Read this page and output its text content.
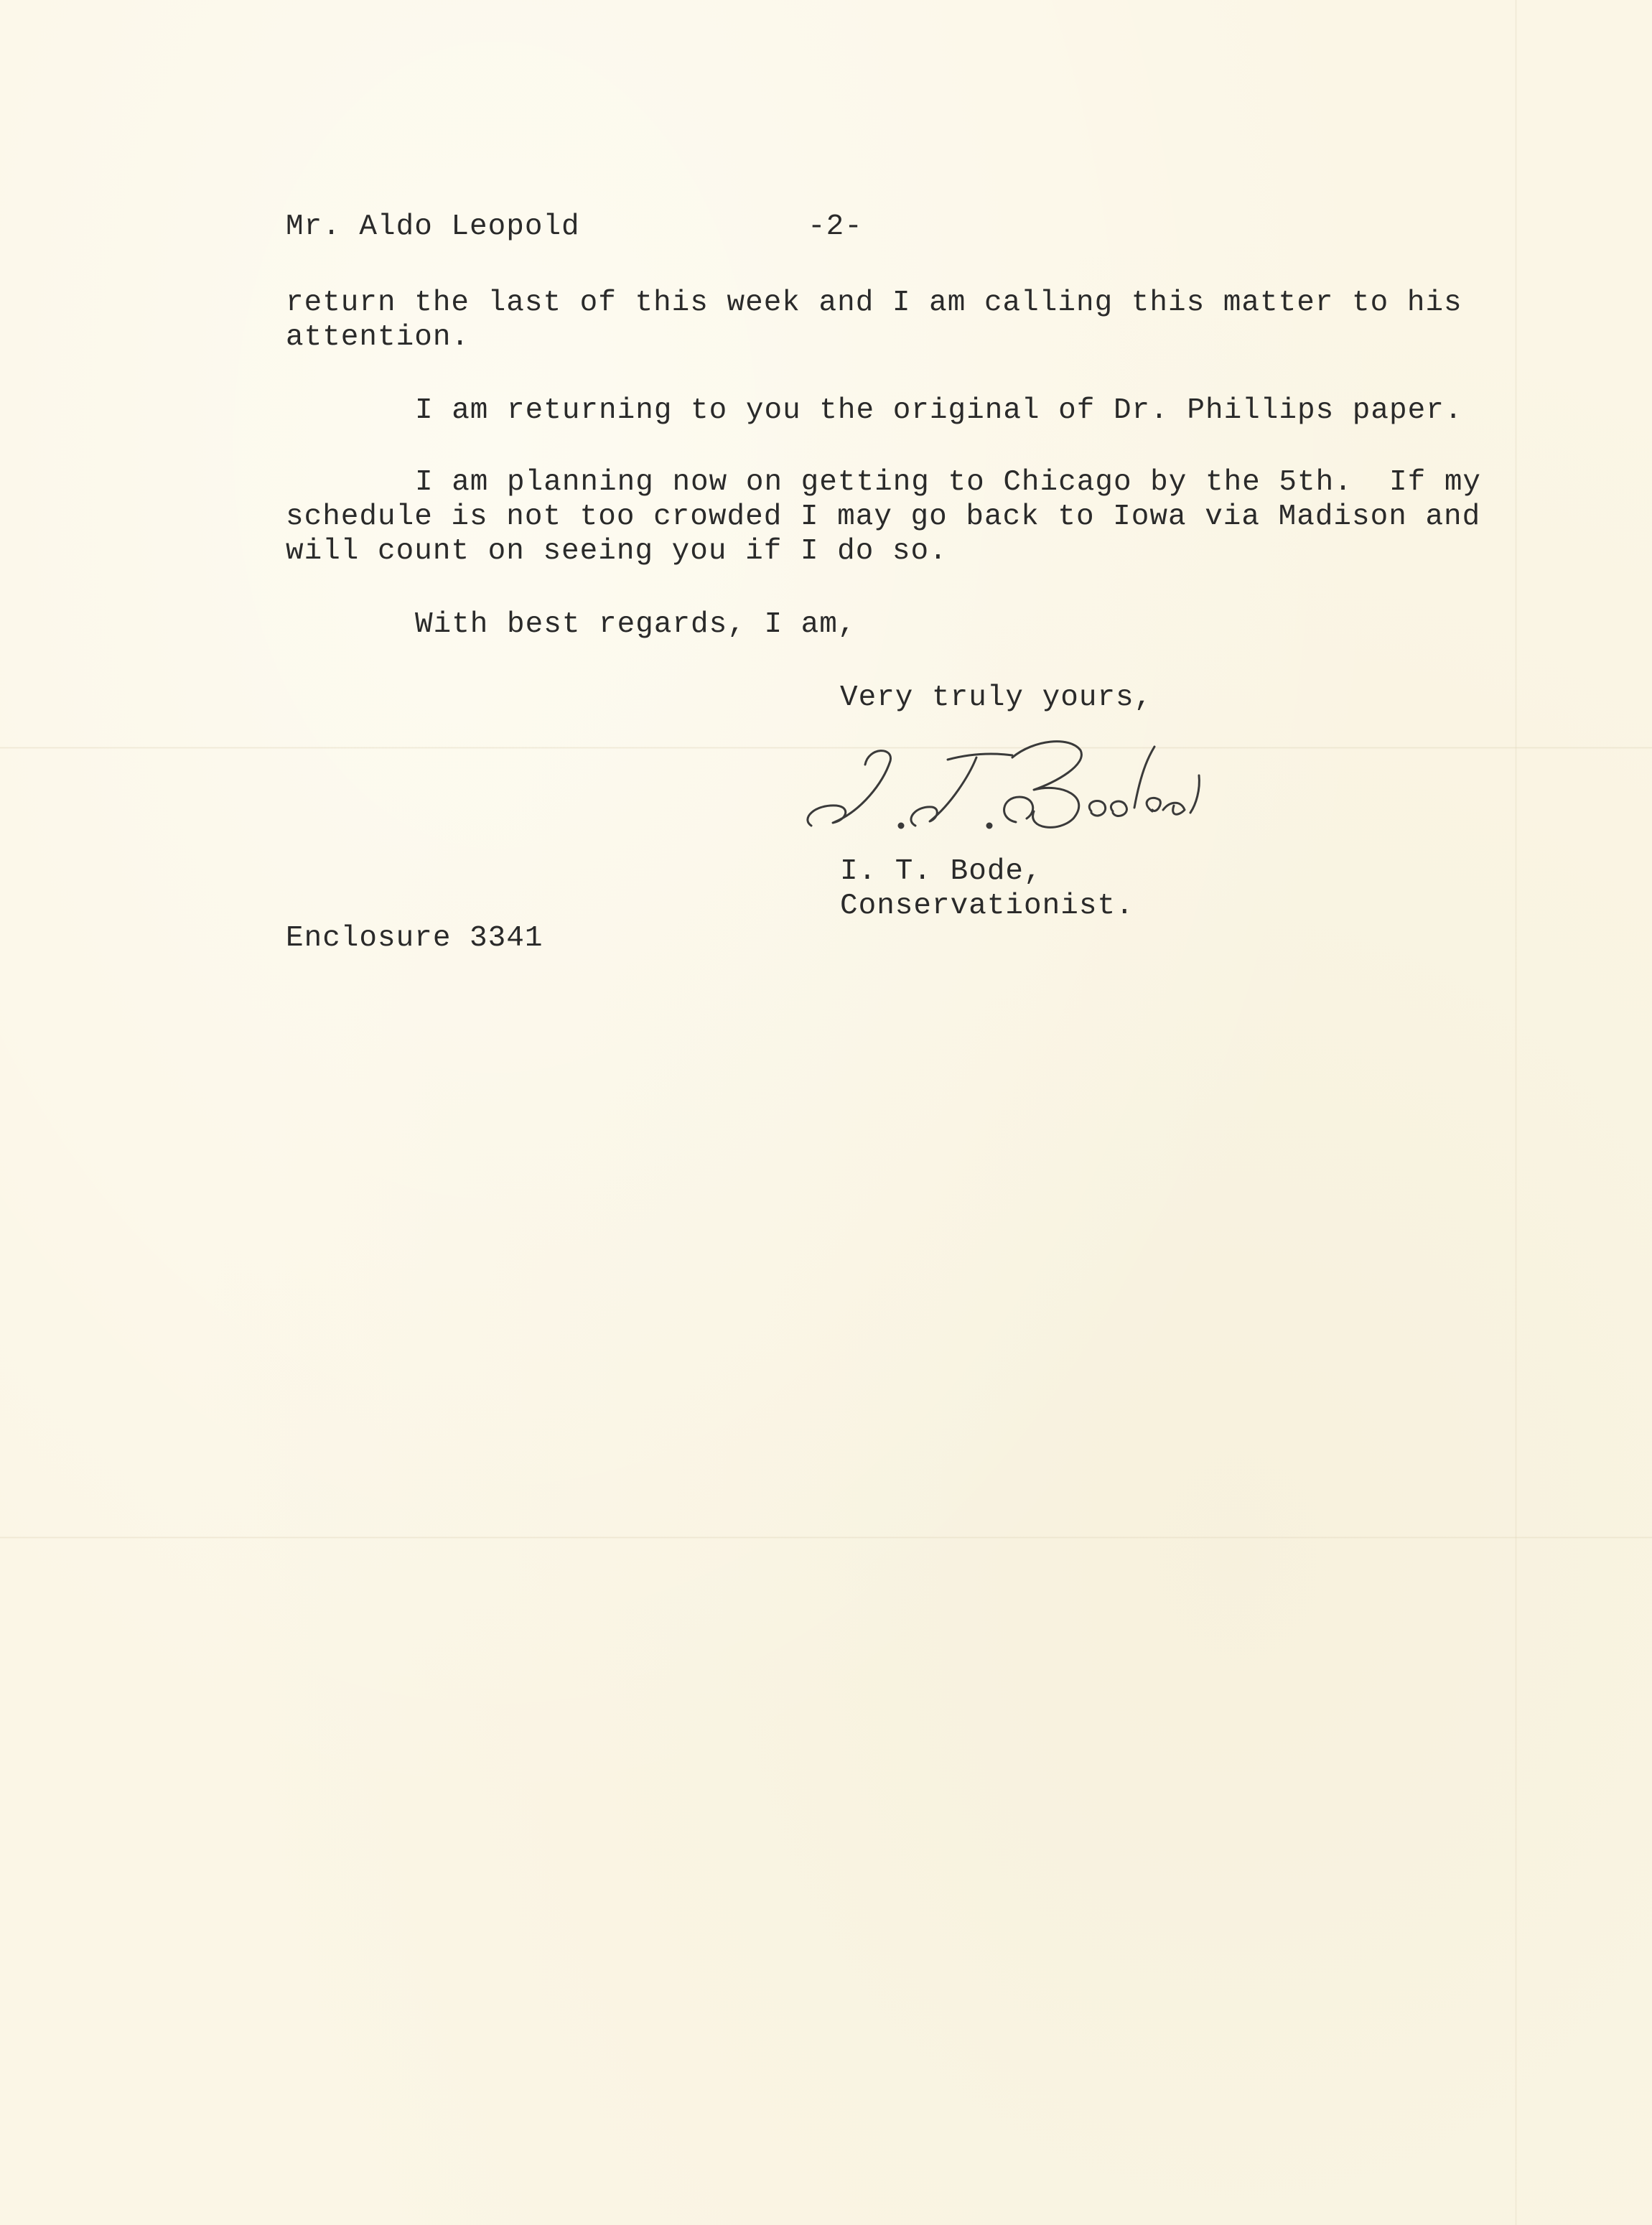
Mr. Aldo Leopold	-2-
return the last of this week and I am calling this matter to his
attention.
I am returning to you the original of Dr. Phillips paper.
I am planning now on getting to Chicago by the 5th.  If my
schedule is not too crowded I may go back to Iowa via Madison and
will count on seeing you if I do so.
With best regards, I am,
Very truly yours,
I. T. Bode,
Conservationist.
Enclosure 3341
